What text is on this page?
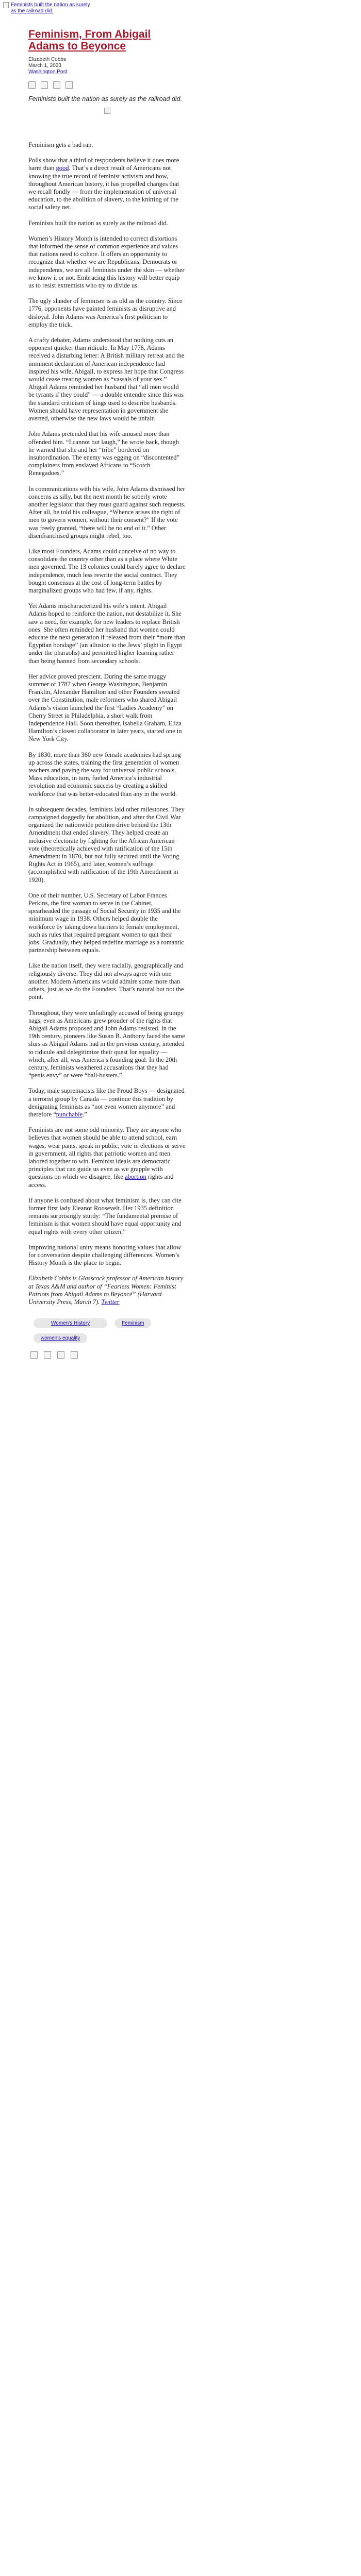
Feminists built the nation as surely as the railroad did.
Feminism, From Abigail Adams to Beyonce
Elizabeth Cobbs
March 1, 2023
Washington Post

Feminists built the nation as surely as the railroad did.

Feminism gets a bad rap.

Polls show that a third of respondents believe it does more harm than good. That’s a direct result of Americans not knowing the true record of feminist activism and how, throughout American history, it has propelled changes that we recall fondly — from the implementation of universal education, to the abolition of slavery, to the knitting of the social safety net.

Feminists built the nation as surely as the railroad did.

Women’s History Month is intended to correct distortions that informed the sense of common experience and values that nations need to cohere. It offers an opportunity to recognize that whether we are Republicans, Democrats or independents, we are all feminists under the skin — whether we know it or not. Embracing this history will better equip us to resist extremists who try to divide us.

The ugly slander of feminism is as old as the country. Since 1776, opponents have painted feminists as disruptive and disloyal. John Adams was America’s first politician to employ the trick.

A crafty debater, Adams understood that nothing cuts an opponent quicker than ridicule. In May 1776, Adams received a disturbing letter: A British military retreat and the imminent declaration of American independence had inspired his wife, Abigail, to express her hope that Congress would cease treating women as “vassals of your sex.” Abigail Adams reminded her husband that “all men would be tyrants if they could” — a double entendre since this was the standard criticism of kings used to describe husbands. Women should have representation in government she averred, otherwise the new laws would be unfair.

John Adams pretended that his wife amused more than offended him. “I cannot but laugh,” he wrote back, though he warned that she and her “tribe” bordered on insubordination. The enemy was egging on “discontented” complainers from enslaved Africans to “Scotch Renegadoes.”

In communications with his wife, John Adams dismissed her concerns as silly, but the next month he soberly wrote another legislator that they must guard against such requests. After all, he told his colleague, “Whence arises the right of men to govern women, without their consent?” If the vote was freely granted, “there will be no end of it.” Other disenfranchised groups might rebel, too.

Like most Founders, Adams could conceive of no way to consolidate the country other than as a place where White men governed. The 13 colonies could barely agree to declare independence, much less rewrite the social contract. They bought consensus at the cost of long-term battles by marginalized groups who had few, if any, rights.

Yet Adams mischaracterized his wife’s intent. Abigail Adams hoped to reinforce the nation, not destabilize it. She saw a need, for example, for new leaders to replace British ones. She often reminded her husband that women could educate the next generation if released from their “more than Egyptian bondage” (an allusion to the Jews’ plight in Egypt under the pharaohs) and permitted higher learning rather than being banned from secondary schools.

Her advice proved prescient. During the same muggy summer of 1787 when George Washington, Benjamin Franklin, Alexander Hamilton and other Founders sweated over the Constitution, male reformers who shared Abigail Adams’s vision launched the first “Ladies Academy” on Cherry Street in Philadelphia, a short walk from Independence Hall. Soon thereafter, Isabella Graham, Eliza Hamilton’s closest collaborator in later years, started one in New York City.

By 1830, more than 360 new female academies had sprung up across the states, training the first generation of women teachers and paving the way for universal public schools. Mass education, in turn, fueled America’s industrial revolution and economic success by creating a skilled workforce that was better-educated than any in the world.

In subsequent decades, feminists laid other milestones. They campaigned doggedly for abolition, and after the Civil War organized the nationwide petition drive behind the 13th Amendment that ended slavery. They helped create an inclusive electorate by fighting for the African American vote (theoretically achieved with ratification of the 15th Amendment in 1870, but not fully secured until the Voting Rights Act in 1965), and later, women’s suffrage (accomplished with ratification of the 19th Amendment in 1920).

One of their number, U.S. Secretary of Labor Frances Perkins, the first woman to serve in the Cabinet, spearheaded the passage of Social Security in 1935 and the minimum wage in 1938. Others helped double the workforce by taking down barriers to female employment, such as rules that required pregnant women to quit their jobs. Gradually, they helped redefine marriage as a romantic partnership between equals.

Like the nation itself, they were racially, geographically and religiously diverse. They did not always agree with one another. Modern Americans would admire some more than others, just as we do the Founders. That’s natural but not the point.

Throughout, they were unfailingly accused of being grumpy nags, even as Americans grew prouder of the rights that Abigail Adams proposed and John Adams resisted. In the 19th century, pioneers like Susan B. Anthony faced the same slurs as Abigail Adams had in the previous century, intended to ridicule and delegitimize their quest for equality — which, after all, was America’s founding goal. In the 20th century, feminists weathered accusations that they had “penis envy” or were “ball-busters.”

Today, male supremacists like the Proud Boys — designated a terrorist group by Canada — continue this tradition by denigrating feminists as “not even women anymore” and therefore “punchable.”

Feminists are not some odd minority. They are anyone who believes that women should be able to attend school, earn wages, wear pants, speak in public, vote in elections or serve in government, all rights that patriotic women and men labored together to win. Feminist ideals are democratic principles that can guide us even as we grapple with questions on which we disagree, like abortion rights and access.

If anyone is confused about what feminism is, they can cite former first lady Eleanor Roosevelt. Her 1935 definition remains surprisingly sturdy: “The fundamental premise of feminism is that women should have equal opportunity and equal rights with every other citizen.”

Improving national unity means honoring values that allow for conversation despite challenging differences. Women’s History Month is the place to begin.

Elizabeth Cobbs is Glasscock professor of American history at Texas A&M and author of “Fearless Women: Feminist Patriots from Abigail Adams to Beyoncé” (Harvard University Press, March 7). Twitter

Women's History	Feminism
women's equality
